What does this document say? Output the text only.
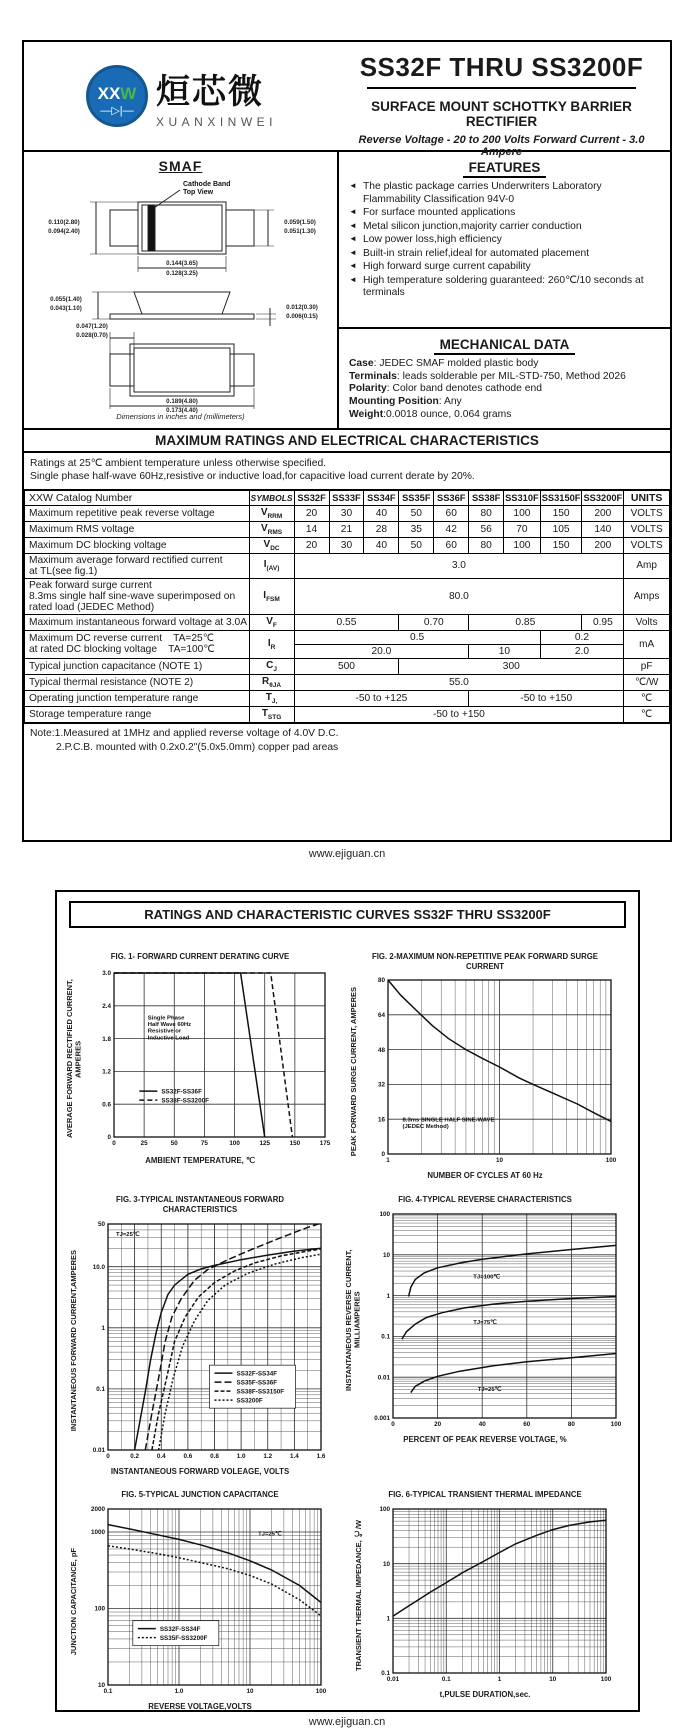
XXW
—▷|—
烜芯微
XUANXINWEI
SS32F THRU SS3200F
SURFACE MOUNT SCHOTTKY BARRIER RECTIFIER
Reverse Voltage - 20 to 200 Volts Forward Current - 3.0 Ampere
SMAF
Cathode Band
Top View
0.110(2.80)
0.094(2.40)
0.059(1.50)
0.051(1.30)
0.144(3.65)
0.128(3.25)
0.055(1.40)
0.043(1.10)	0.012(0.30)
0.006(0.15)
0.047(1.20)
0.028(0.70)
0.189(4.80)
0.173(4.40)
Dimensions in inches and (millimeters)
FEATURES
◄ The plastic package carries Underwriters Laboratory Flammability Classification 94V-0
◄ For surface mounted applications
◄ Metal silicon junction,majority carrier conduction
◄ Low power loss,high efficiency
◄ Built-in strain relief,ideal for automated placement
◄ High forward surge current capability
◄ High temperature soldering guaranteed: 260℃/10 seconds at terminals
MECHANICAL DATA
Case: JEDEC SMAF molded plastic body
Terminals: leads solderable per MIL-STD-750, Method 2026
Polarity: Color band denotes cathode end
Mounting Position: Any
Weight:0.0018 ounce, 0.064 grams
MAXIMUM RATINGS AND ELECTRICAL CHARACTERISTICS
Ratings at 25℃ ambient temperature unless otherwise specified.
Single phase half-wave 60Hz,resistive or inductive load,for capacitive load current derate by 20%.
XXW Catalog Number	SYMBOLS	SS32F	SS33F	SS34F	SS35F	SS36F	SS38F	SS310F	SS3150F	SS3200F	UNITS

Maximum repetitive peak reverse voltage	$V_{RRM}$	20	30	40	50	60	80	100	150	200	VOLTS

Maximum RMS voltage	$V_{RMS}$	14	21	28	35	42	56	70	105	140	VOLTS

Maximum DC blocking voltage	$V_{DC}$	20	30	40	50	60	80	100	150	200	VOLTS

Maximum average forward rectified current
at TL(see fig.1)	$I_{(AV)}$	3.0									Amp

Peak forward surge current
8.3ms single half sine-wave superimposed on
rated load (JEDEC Method)	$I_{FSM}$	80.0									Amps

Maximum instantaneous forward voltage at 3.0A	$V_F$	0.55			0.70		0.85			0.95	Volts

Maximum DC reverse current    TA=25℃
at rated DC blocking voltage    TA=100℃	$I_R$	0.5							0.2		mA
		20.0					10		2.0		

Typical junction capacitance (NOTE 1)	$C_J$	500			300						pF

Typical thermal resistance (NOTE 2)	$R_{\theta JA}$	55.0									℃/W

Operating junction temperature range	$T_{J,}$	-50 to +125					-50 to +150				℃

Storage temperature range	$T_{STG}$	-50 to +150									℃
Note:1.Measured at 1MHz and applied reverse voltage of 4.0V D.C.
2.P.C.B. mounted with 0.2x0.2"(5.0x5.0mm) copper pad areas
www.ejiguan.cn
RATINGS AND CHARACTERISTIC CURVES SS32F THRU SS3200F
FIG. 1- FORWARD CURRENT DERATING CURVE
AVERAGE FORWARD RECTIFIED CURRENT, AMPERES
0	25	50	75	100	125	150	175
0
0.6
1.2
1.8
2.4
3.0
Single Phase Half Wave 60Hz Resistive or Inductive Load
SS32F-SS36F
SS38F-SS3200F
AMBIENT TEMPERATURE, ℃
FIG. 2-MAXIMUM NON-REPETITIVE PEAK FORWARD SURGE CURRENT
PEAK FORWARD SURGE CURRENT, AMPERES
1	10	100
0
16
32
48
64
80
8.3ms SINGLE HALF SINE-WAVE (JEDEC Method)
NUMBER OF CYCLES AT 60 Hz
FIG. 3-TYPICAL INSTANTANEOUS FORWARD CHARACTERISTICS
INSTANTANEOUS FORWARD CURRENT,AMPERES
0	0.2	0.4	0.6	0.8	1.0	1.2	1.4	1.6
0.01
0.1
1
10.0
50
TJ=25℃
SS32F-SS34F
SS35F-SS36F
SS38F-SS3150F
SS3200F
INSTANTANEOUS FORWARD VOLEAGE, VOLTS
FIG. 4-TYPICAL REVERSE CHARACTERISTICS
INSTANTANEOUS REVERSE CURRENT, MILLIAMPERES
0	20	40	60	80	100
0.001
0.01
0.1
1
10
100
TJ=100℃
TJ=75℃
TJ=25℃
PERCENT OF PEAK REVERSE VOLTAGE, %
FIG. 5-TYPICAL JUNCTION CAPACITANCE
JUNCTION CAPACITANCE, pF
0.1	1.0	10	100
10
100
1000
2000
TJ=25℃
SS32F-SS34F
SS35F-SS3200F
REVERSE VOLTAGE,VOLTS
FIG. 6-TYPICAL TRANSIENT THERMAL IMPEDANCE
TRANSIENT THERMAL IMPEDANCE, ℃/W
0.01	0.1	1	10	100
0.1
1
10
100
t,PULSE DURATION,sec.
www.ejiguan.cn
